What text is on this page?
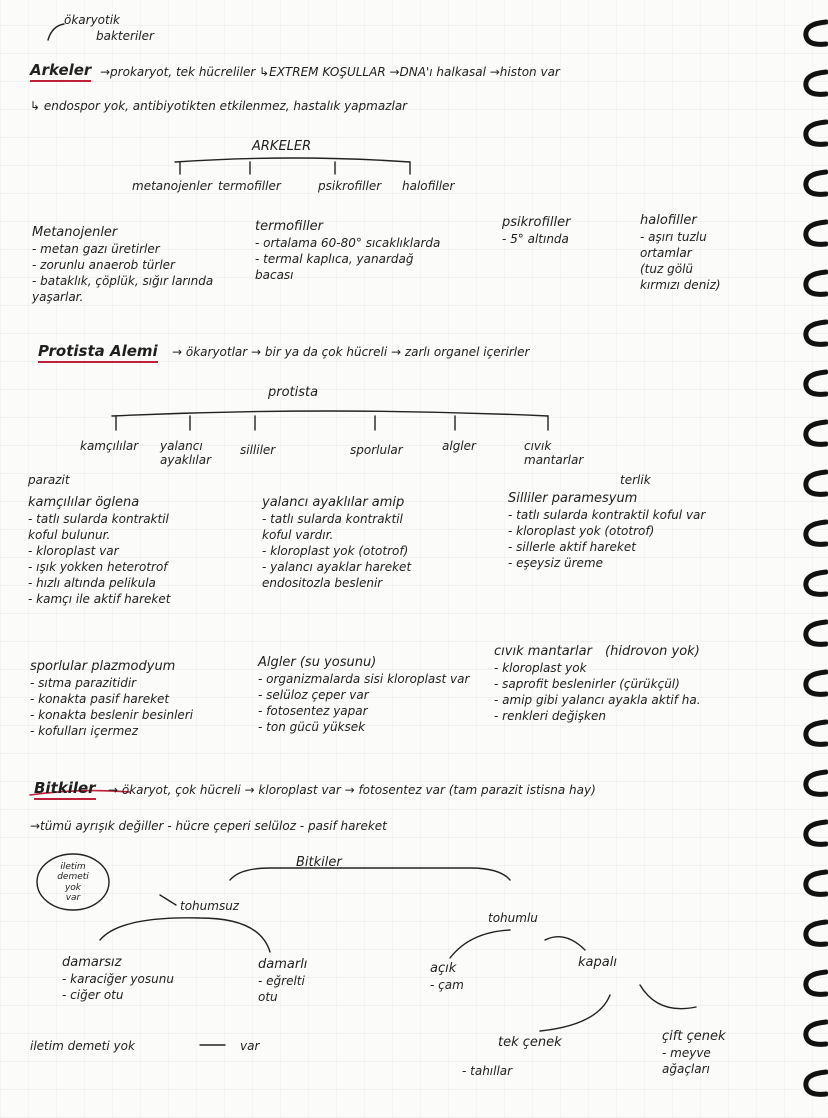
ökaryotik
bakteriler
Arkeler →prokaryot, tek hücreliler ↳EXTREM KOŞULLAR →DNA'ı halkasal →histon var
↳ endospor yok, antibiyotikten etkilenmez, hastalık yapmazlar
ARKELER
metanojenler termofiller	psikrofiller halofiller
Metanojenler
- metan gazı üretirler
- zorunlu anaerob türler
- bataklık, çöplük, sığır larında
yaşarlar.
termofiller
- ortalama 60-80° sıcaklıklarda
- termal kaplıca, yanardağ
bacası
psikrofiller
- 5° altında
halofiller
- aşırı tuzlu
ortamlar
(tuz gölü
kırmızı deniz)
Protista Alemi → ökaryotlar → bir ya da çok hücreli → zarlı organel içerirler
protista
kamçılılar yalancı ayaklılar
silliler	sporlular	algler	cıvık mantarlar
parazit
kamçılılar öglena
- tatlı sularda kontraktil
koful bulunur.
- kloroplast var
- ışık yokken heterotrof
- hızlı altında pelikula
- kamçı ile aktif hareket
yalancı ayaklılar amip
- tatlı sularda kontraktil
koful vardır.
- kloroplast yok (ototrof)
- yalancı ayaklar hareket
endositozla beslenir
terlik
Silliler paramesyum
- tatlı sularda kontraktil koful var
- kloroplast yok (ototrof)
- sillerle aktif hareket
- eşeysiz üreme
sporlular plazmodyum
- sıtma parazitidir
- konakta pasif hareket
- konakta beslenir besinleri
- kofulları içermez
Algler (su yosunu)
- organizmalarda sisi kloroplast var
- selüloz çeper var
- fotosentez yapar
- ton gücü yüksek
cıvık mantarlar (hidrovon yok)
- kloroplast yok
- saprofit beslenirler (çürükçül)
- amip gibi yalancı ayakla aktif ha.
- renkleri değişken
Bitkiler → ökaryot, çok hücreli → kloroplast var → fotosentez var (tam parazit istisna hay)
→tümü ayrışık değiller - hücre çeperi selüloz - pasif hareket
Bitkiler
iletim
demeti
yok
var
tohumsuz
tohumlu
damarsız
- karaciğer yosunu
- ciğer otu
damarlı
- eğrelti
otu
açık
- çam
kapalı
iletim demeti yok	var	tek çenek
- tahıllar
çift çenek
- meyve
ağaçları
